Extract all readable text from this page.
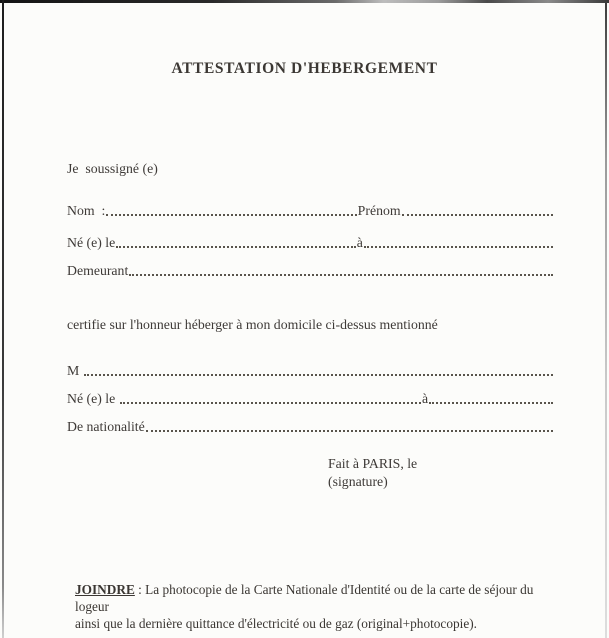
ATTESTATION D'HEBERGEMENT
Je  soussigné (e)
Nom  :	Prénom
Né (e) le	à
Demeurant
certifie sur l'honneur héberger à mon domicile ci-dessus mentionné
M
Né (e) le	à
De nationalité
Fait à PARIS, le
(signature)
JOINDRE : La photocopie de la Carte Nationale d'Identité ou de la carte de séjour du logeur
ainsi que la dernière quittance d'électricité ou de gaz (original+photocopie).
